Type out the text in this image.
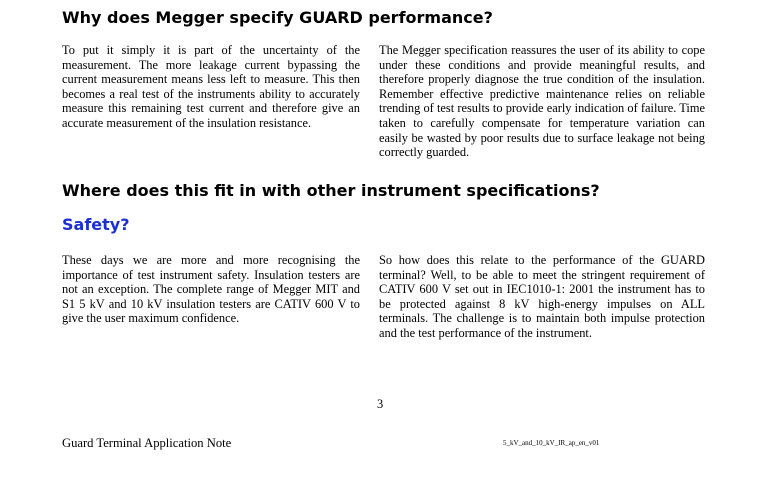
Why does Megger specify GUARD performance?
To put it simply it is part of the uncertainty of the measurement. The more leakage current bypassing the current measurement means less left to measure. This then becomes a real test of the instruments ability to accurately measure this remaining test current and therefore give an accurate measurement of the insulation resistance.
The Megger specification reassures the user of its ability to cope under these conditions and provide meaningful results, and therefore properly diagnose the true condition of the insulation. Remember effective predictive maintenance relies on reliable trending of test results to provide early indication of failure. Time taken to carefully compensate for temperature variation can easily be wasted by poor results due to surface leakage not being correctly guarded.
Where does this fit in with other instrument specifications?
Safety?
These days we are more and more recognising the importance of test instrument safety. Insulation testers are not an exception. The complete range of Megger MIT and S1 5 kV and 10 kV insulation testers are CATIV 600 V to give the user maximum confidence.
So how does this relate to the performance of the GUARD terminal? Well, to be able to meet the stringent requirement of CATIV 600 V set out in IEC1010-1: 2001 the instrument has to be protected against 8 kV high-energy impulses on ALL terminals. The challenge is to maintain both impulse protection and the test performance of the instrument.
3
Guard Terminal Application Note	5_kV_and_10_kV_IR_ap_en_v01
